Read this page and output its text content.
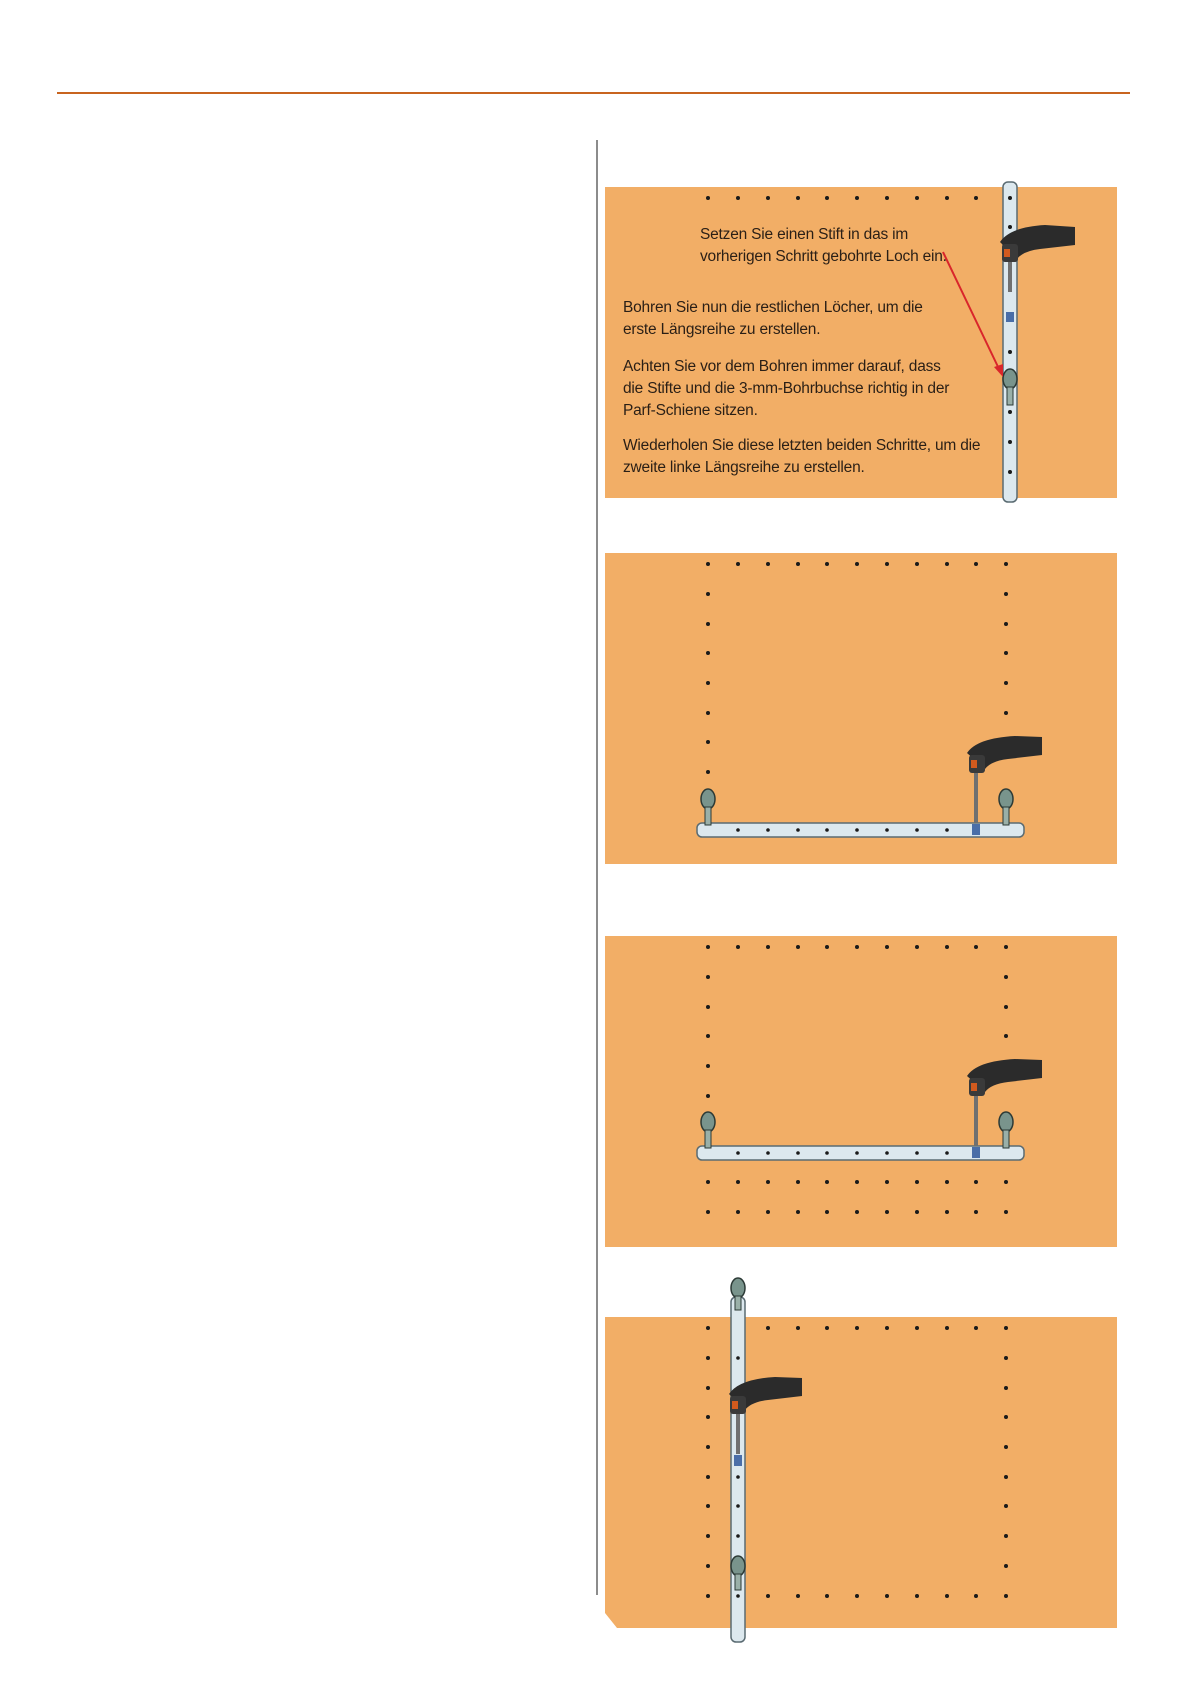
Setzen Sie einen Stift in das im vorherigen Schritt gebohrte Loch ein.

Bohren Sie nun die restlichen Löcher, um die erste Längsreihe zu erstellen.

Achten Sie vor dem Bohren immer darauf, dass die Stifte und die 3-mm-Bohrbuchse richtig in der Parf-Schiene sitzen.

Wiederholen Sie diese letzten beiden Schritte, um die zweite linke Längsreihe zu erstellen.
